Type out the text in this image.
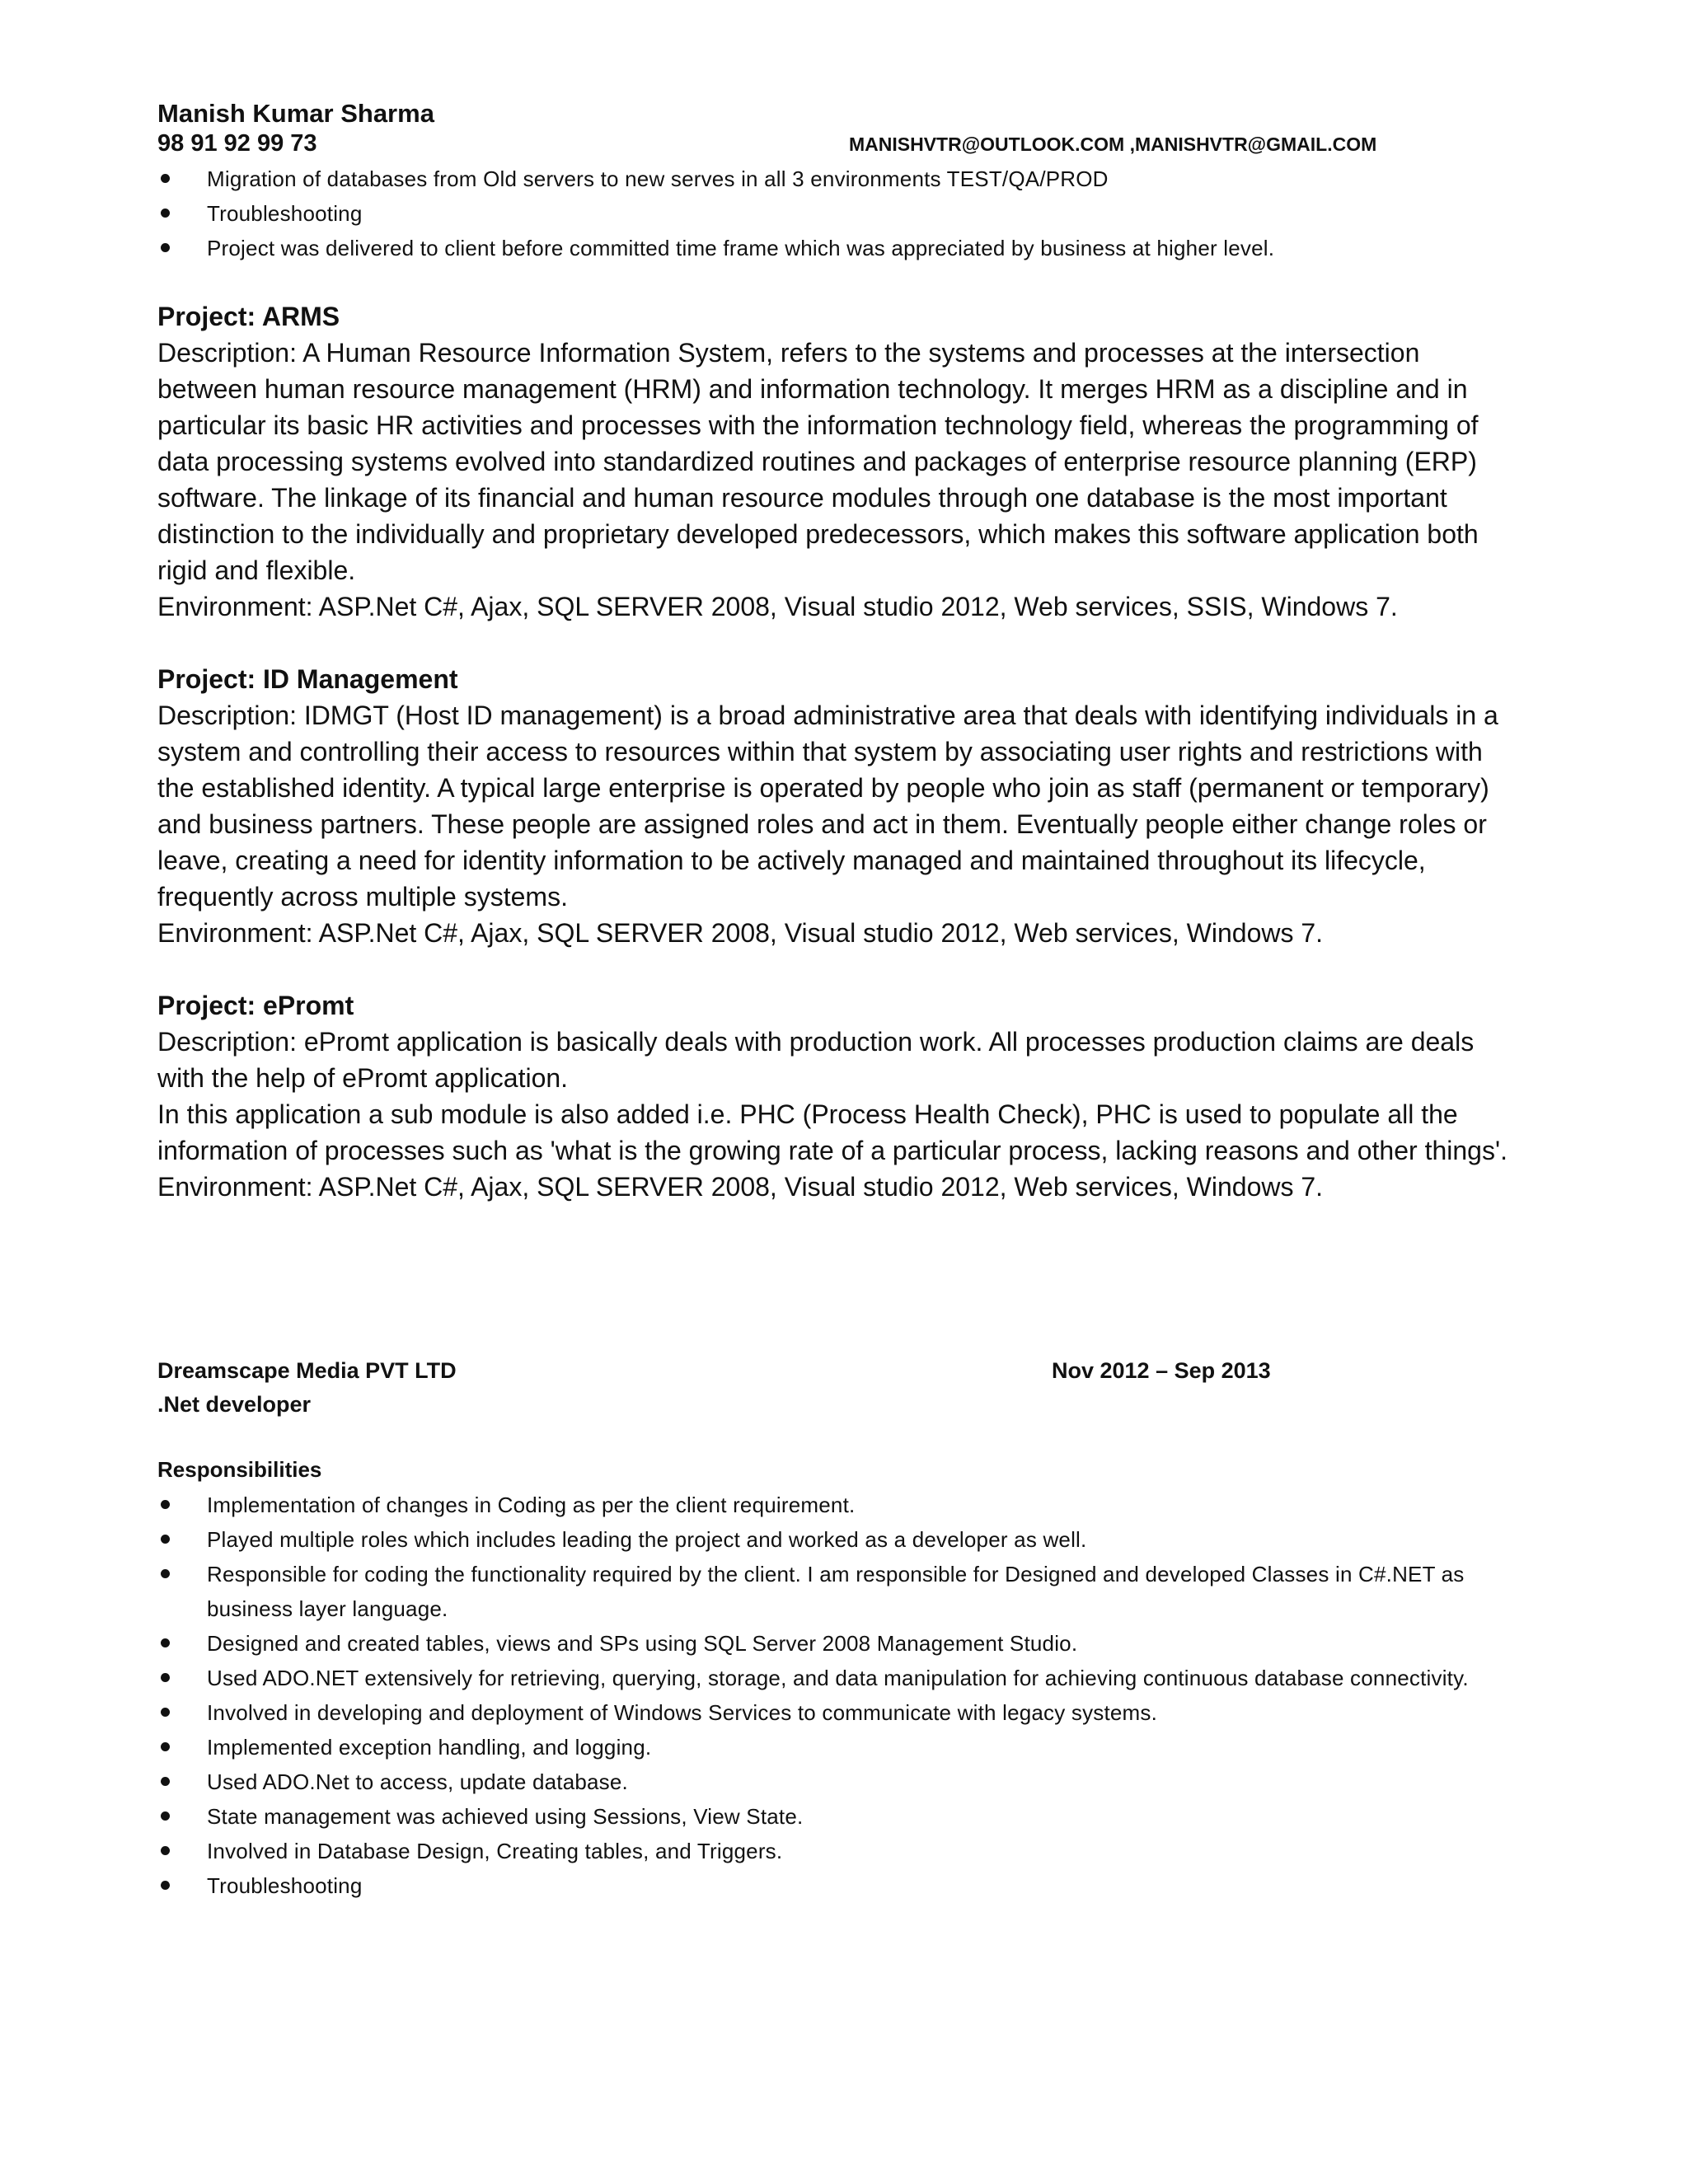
Manish Kumar Sharma
98 91 92 99 73	MANISHVTR@OUTLOOK.COM ,MANISHVTR@GMAIL.COM
Migration of databases from Old servers to new serves in all 3 environments TEST/QA/PROD
Troubleshooting
Project was delivered to client before committed time frame which was appreciated by business at higher level.

Project: ARMS

Description: A Human Resource Information System, refers to the systems and processes at the intersection between human resource management (HRM) and information technology. It merges HRM as a discipline and in particular its basic HR activities and processes with the information technology field, whereas the programming of data processing systems evolved into standardized routines and packages of enterprise resource planning (ERP) software. The linkage of its financial and human resource modules through one database is the most important distinction to the individually and proprietary developed predecessors, which makes this software application both rigid and flexible.

Environment: ASP.Net C#, Ajax, SQL SERVER 2008, Visual studio 2012, Web services, SSIS, Windows 7.

Project: ID Management

Description: IDMGT (Host ID management) is a broad administrative area that deals with identifying individuals in a system and controlling their access to resources within that system by associating user rights and restrictions with the established identity. A typical large enterprise is operated by people who join as staff (permanent or temporary) and business partners. These people are assigned roles and act in them. Eventually people either change roles or leave, creating a need for identity information to be actively managed and maintained throughout its lifecycle, frequently across multiple systems.

Environment: ASP.Net C#, Ajax, SQL SERVER 2008, Visual studio 2012, Web services, Windows 7.

Project: ePromt

Description: ePromt application is basically deals with production work. All processes production claims are deals with the help of ePromt application.

In this application a sub module is also added i.e. PHC (Process Health Check), PHC is used to populate all the information of processes such as 'what is the growing rate of a particular process, lacking reasons and other things'.

Environment: ASP.Net C#, Ajax, SQL SERVER 2008, Visual studio 2012, Web services, Windows 7.

Dreamscape Media PVT LTD	Nov 2012 – Sep 2013
.Net developer
Responsibilities
Implementation of changes in Coding as per the client requirement.
Played multiple roles which includes leading the project and worked as a developer as well.
Responsible for coding the functionality required by the client. I am responsible for Designed and developed Classes in C#.NET as business layer language.
Designed and created tables, views and SPs using SQL Server 2008 Management Studio.
Used ADO.NET extensively for retrieving, querying, storage, and data manipulation for achieving continuous database connectivity.
Involved in developing and deployment of Windows Services to communicate with legacy systems.
Implemented exception handling, and logging.
Used ADO.Net to access, update database.
State management was achieved using Sessions, View State.
Involved in Database Design, Creating tables, and Triggers.
Troubleshooting
